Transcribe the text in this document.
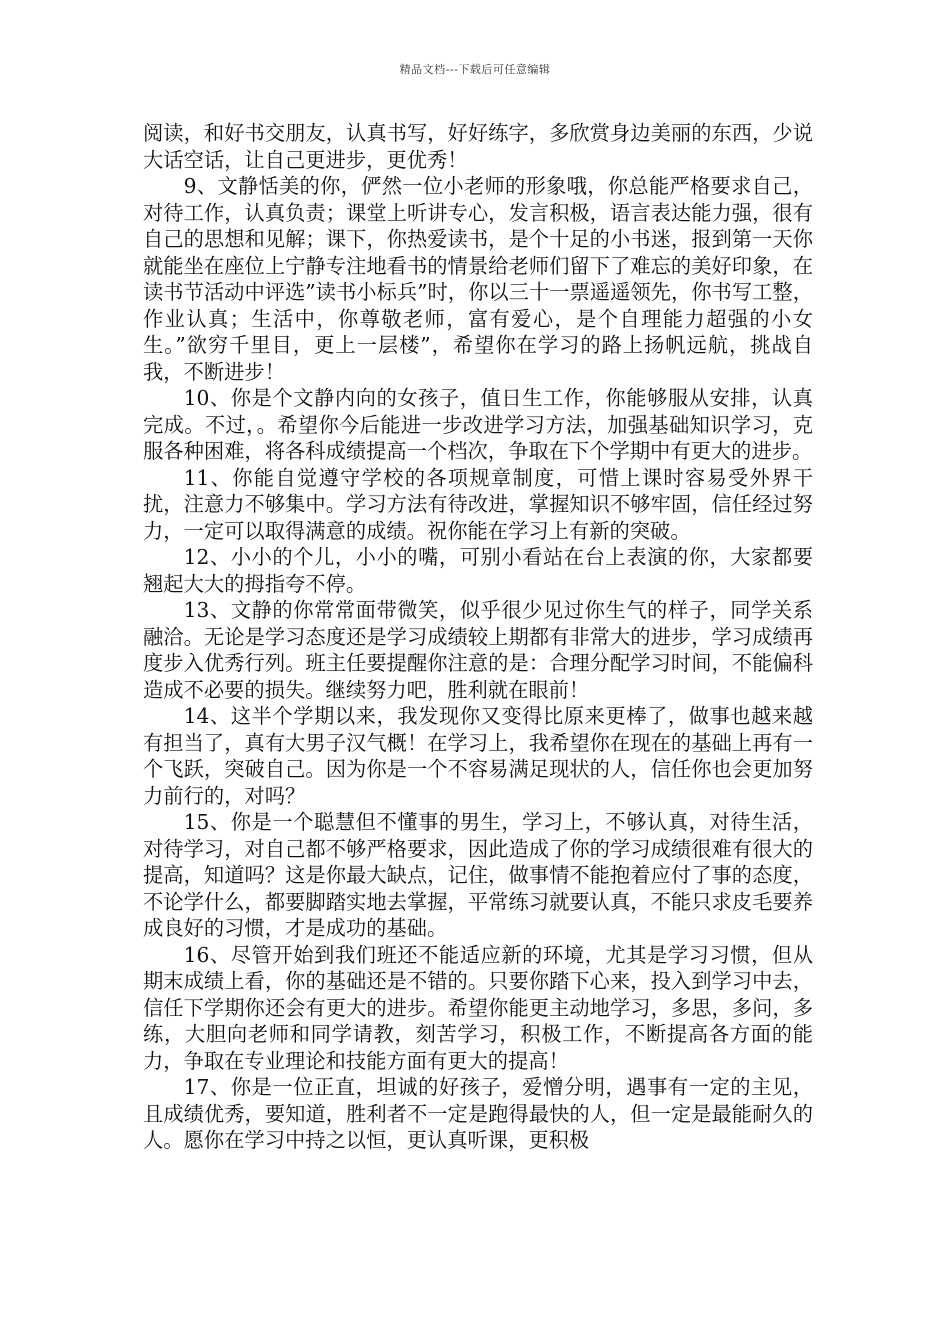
精品文档---下载后可任意编辑

阅读，和好书交朋友，认真书写，好好练字，多欣赏身边美丽的东西，少说大话空话，让自己更进步，更优秀！

9、文静恬美的你，俨然一位小老师的形象哦，你总能严格要求自己，对待工作，认真负责；课堂上听讲专心，发言积极，语言表达能力强，很有自己的思想和见解；课下，你热爱读书，是个十足的小书迷，报到第一天你就能坐在座位上宁静专注地看书的情景给老师们留下了难忘的美好印象，在读书节活动中评选”读书小标兵”时，你以三十一票遥遥领先，你书写工整，作业认真；生活中，你尊敬老师，富有爱心，是个自理能力超强的小女生。”欲穷千里目，更上一层楼”，希望你在学习的路上扬帆远航，挑战自我，不断进步！

10、你是个文静内向的女孩子，值日生工作，你能够服从安排，认真完成。不过，。希望你今后能进一步改进学习方法，加强基础知识学习，克服各种困难，将各科成绩提高一个档次，争取在下个学期中有更大的进步。

11、你能自觉遵守学校的各项规章制度，可惜上课时容易受外界干扰，注意力不够集中。学习方法有待改进，掌握知识不够牢固，信任经过努力，一定可以取得满意的成绩。祝你能在学习上有新的突破。

12、小小的个儿，小小的嘴，可别小看站在台上表演的你，大家都要翘起大大的拇指夸不停。

13、文静的你常常面带微笑，似乎很少见过你生气的样子，同学关系融洽。无论是学习态度还是学习成绩较上期都有非常大的进步，学习成绩再度步入优秀行列。班主任要提醒你注意的是：合理分配学习时间，不能偏科造成不必要的损失。继续努力吧，胜利就在眼前！

14、这半个学期以来，我发现你又变得比原来更棒了，做事也越来越有担当了，真有大男子汉气概！在学习上，我希望你在现在的基础上再有一个飞跃，突破自己。因为你是一个不容易满足现状的人，信任你也会更加努力前行的，对吗？

15、你是一个聪慧但不懂事的男生，学习上，不够认真，对待生活，对待学习，对自己都不够严格要求，因此造成了你的学习成绩很难有很大的提高，知道吗？这是你最大缺点，记住，做事情不能抱着应付了事的态度，不论学什么，都要脚踏实地去掌握，平常练习就要认真，不能只求皮毛要养成良好的习惯，才是成功的基础。

16、尽管开始到我们班还不能适应新的环境，尤其是学习习惯，但从期末成绩上看，你的基础还是不错的。只要你踏下心来，投入到学习中去，信任下学期你还会有更大的进步。希望你能更主动地学习，多思，多问，多练，大胆向老师和同学请教，刻苦学习，积极工作，不断提高各方面的能力，争取在专业理论和技能方面有更大的提高！

17、你是一位正直，坦诚的好孩子，爱憎分明，遇事有一定的主见，且成绩优秀，要知道，胜利者不一定是跑得最快的人，但一定是最能耐久的人。愿你在学习中持之以恒，更认真听课，更积极
